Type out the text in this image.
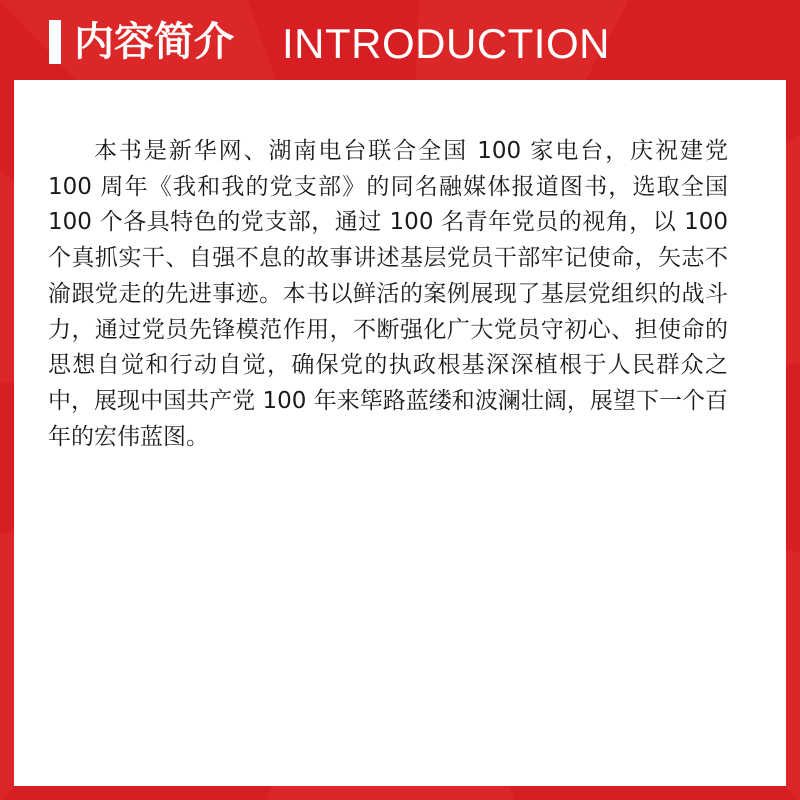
内容简介 INTRODUCTION

本书是新华网、湖南电台联合全国 100 家电台，庆祝建党 100 周年《我和我的党支部》的同名融媒体报道图书，选取全国 100 个各具特色的党支部，通过 100 名青年党员的视角，以 100 个真抓实干、自强不息的故事讲述基层党员干部牢记使命，矢志不渝跟党走的先进事迹。本书以鲜活的案例展现了基层党组织的战斗力，通过党员先锋模范作用，不断强化广大党员守初心、担使命的思想自觉和行动自觉，确保党的执政根基深深植根于人民群众之中，展现中国共产党 100 年来筚路蓝缕和波澜壮阔，展望下一个百年的宏伟蓝图。
